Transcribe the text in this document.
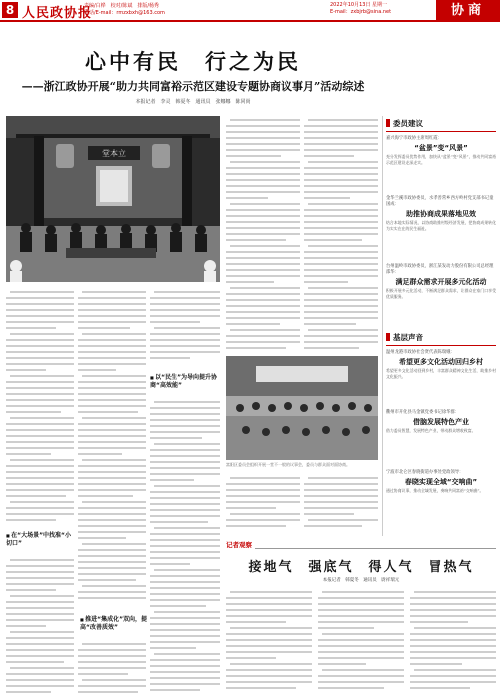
8 人民政协报
责编/白桦　校对/陈斌　排版/杨秀
电话/E-mail：rmzxbxh@163.com
2022年10月13日 星期一
E-mail：zxbjrb@sina.net	协商
心中有民　行之为民
——浙江政协开展“助力共同富裕示范区建设专题协商议事月”活动综述
本报记者　李灵　韩夏冬　通讯员　张娜娜　陈同尚
堂本立
■ 在“大场景”中找准“小切口”
■ 推进“集成化”双向，提高“改善质效”
■ 以“民生”为导向提升协商“高效能”
富阳区委员会组织开展一堂不一般的议事会，委员与群众面对面协商。
委员建议
嘉兴海宁市政协主席周红霞：
“盆景”变“风景”
充分发挥委员优势作用，加快从“盆景”变“风景”，推动共同富裕示范区建设走深走实。
金华兰溪市政协委员、水孝善常乡西方岭村党支部书记童国成：
助推协商成果落地见效
结合本地实际情况，以协商助推村级经济发展，把协商成果转化为实实在在的民生福祉。
台州温岭市政协委员、浙江某发动力股份有限公司总经理邵华：
满足群众需求开展多元化活动
积极开展多元化活动，不断满足群众需求，让群众在家门口享受优质服务。
基层声音
温州龙港市政协社会贤代表陈瑞娥：
希望更多文化活动回归乡村
希望更多文化活动回到乡村，丰富群众精神文化生活，助推乡村文化振兴。
衢州市开化县马金镇党委书记徐华群：
借脑发展特色产业
借力委员智慧，发展特色产业，带动群众增收致富。
宁波市北仑区春晓街道办事处党政领导：
春晓实现全域“交响曲”
通过协商议事，推动全域发展，奏响共同富裕“交响曲”。
记者观察
接地气　强底气　得人气　冒热气
本报记者　韩夏冬　通讯员　尉祥瑞元
